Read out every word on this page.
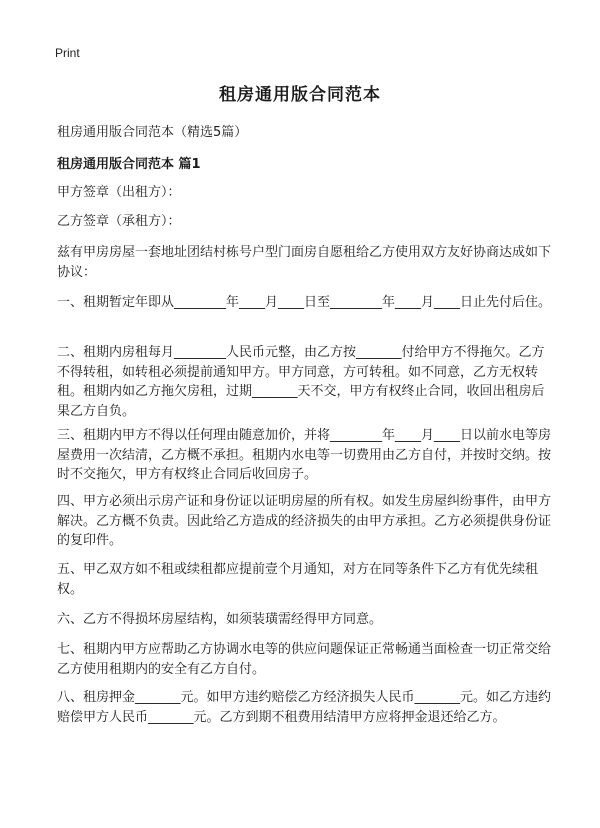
Print
租房通用版合同范本
租房通用版合同范本（精选5篇）
租房通用版合同范本 篇1

甲方签章（出租方）：

乙方签章（承租方）：

兹有甲房房屋一套地址团结村栋号户型门面房自愿租给乙方使用双方友好协商达成如下协议：

一、租期暂定年即从________年____月____日至________年____月____日止先付后住。

二、租期内房租每月________人民币元整，由乙方按_______付给甲方不得拖欠。乙方不得转租，如转租必须提前通知甲方。甲方同意，方可转租。如不同意，乙方无权转租。租期内如乙方拖欠房租，过期_______天不交，甲方有权终止合同，收回出租房后果乙方自负。

三、租期内甲方不得以任何理由随意加价，并将________年____月____日以前水电等房屋费用一次结清，乙方概不承担。租期内水电等一切费用由乙方自付，并按时交纳。按时不交拖欠，甲方有权终止合同后收回房子。

四、甲方必须出示房产证和身份证以证明房屋的所有权。如发生房屋纠纷事件，由甲方解决。乙方概不负责。因此给乙方造成的经济损失的由甲方承担。乙方必须提供身份证的复印件。

五、甲乙双方如不租或续租都应提前壹个月通知，对方在同等条件下乙方有优先续租权。

六、乙方不得损坏房屋结构，如须装璜需经得甲方同意。

七、租期内甲方应帮助乙方协调水电等的供应问题保证正常畅通当面检查一切正常交给乙方使用租期内的安全有乙方自付。

八、租房押金_______元。如甲方违约赔偿乙方经济损失人民币_______元。如乙方违约赔偿甲方人民币_______元。乙方到期不租费用结清甲方应将押金退还给乙方。
